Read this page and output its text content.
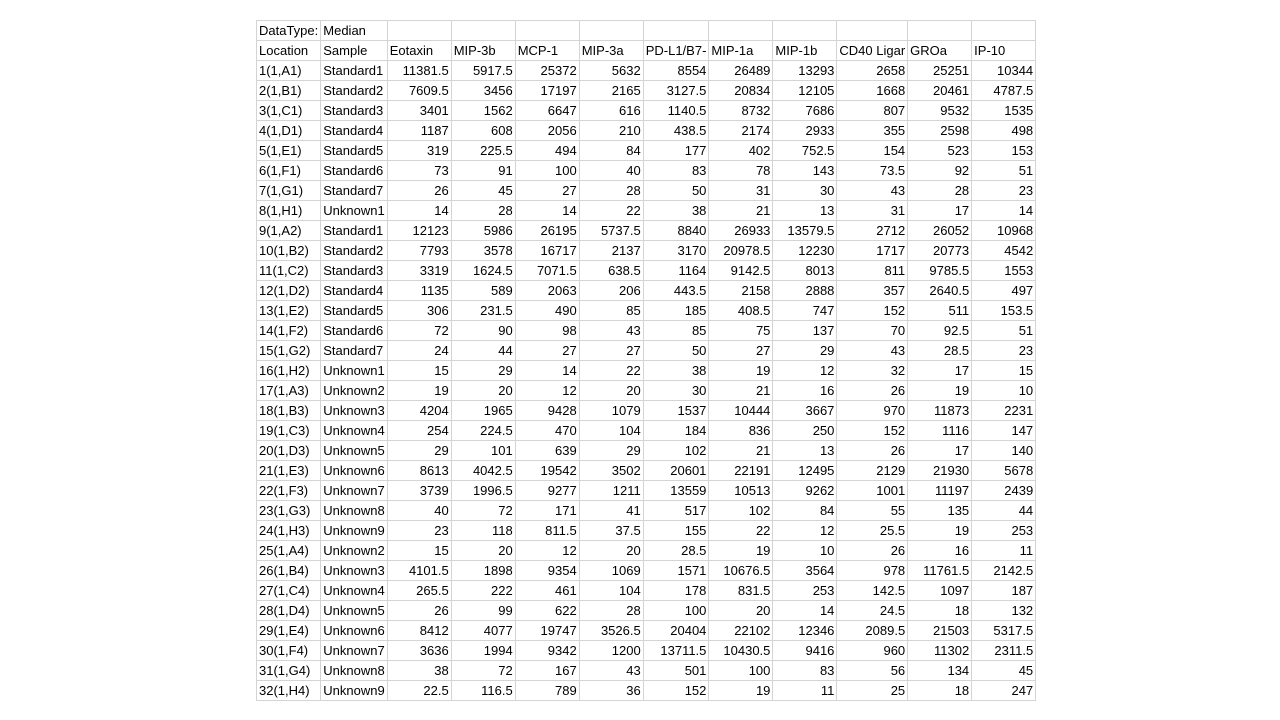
DataType:	Median										
Location	Sample	Eotaxin	MIP-3b	MCP-1	MIP-3a	PD-L1/B7-	MIP-1a	MIP-1b	CD40 Ligar	GROa	IP-10
1(1,A1)	Standard1	11381.5	5917.5	25372	5632	8554	26489	13293	2658	25251	10344
2(1,B1)	Standard2	7609.5	3456	17197	2165	3127.5	20834	12105	1668	20461	4787.5
3(1,C1)	Standard3	3401	1562	6647	616	1140.5	8732	7686	807	9532	1535
4(1,D1)	Standard4	1187	608	2056	210	438.5	2174	2933	355	2598	498
5(1,E1)	Standard5	319	225.5	494	84	177	402	752.5	154	523	153
6(1,F1)	Standard6	73	91	100	40	83	78	143	73.5	92	51
7(1,G1)	Standard7	26	45	27	28	50	31	30	43	28	23
8(1,H1)	Unknown1	14	28	14	22	38	21	13	31	17	14
9(1,A2)	Standard1	12123	5986	26195	5737.5	8840	26933	13579.5	2712	26052	10968
10(1,B2)	Standard2	7793	3578	16717	2137	3170	20978.5	12230	1717	20773	4542
11(1,C2)	Standard3	3319	1624.5	7071.5	638.5	1164	9142.5	8013	811	9785.5	1553
12(1,D2)	Standard4	1135	589	2063	206	443.5	2158	2888	357	2640.5	497
13(1,E2)	Standard5	306	231.5	490	85	185	408.5	747	152	511	153.5
14(1,F2)	Standard6	72	90	98	43	85	75	137	70	92.5	51
15(1,G2)	Standard7	24	44	27	27	50	27	29	43	28.5	23
16(1,H2)	Unknown1	15	29	14	22	38	19	12	32	17	15
17(1,A3)	Unknown2	19	20	12	20	30	21	16	26	19	10
18(1,B3)	Unknown3	4204	1965	9428	1079	1537	10444	3667	970	11873	2231
19(1,C3)	Unknown4	254	224.5	470	104	184	836	250	152	1116	147
20(1,D3)	Unknown5	29	101	639	29	102	21	13	26	17	140
21(1,E3)	Unknown6	8613	4042.5	19542	3502	20601	22191	12495	2129	21930	5678
22(1,F3)	Unknown7	3739	1996.5	9277	1211	13559	10513	9262	1001	11197	2439
23(1,G3)	Unknown8	40	72	171	41	517	102	84	55	135	44
24(1,H3)	Unknown9	23	118	811.5	37.5	155	22	12	25.5	19	253
25(1,A4)	Unknown2	15	20	12	20	28.5	19	10	26	16	11
26(1,B4)	Unknown3	4101.5	1898	9354	1069	1571	10676.5	3564	978	11761.5	2142.5
27(1,C4)	Unknown4	265.5	222	461	104	178	831.5	253	142.5	1097	187
28(1,D4)	Unknown5	26	99	622	28	100	20	14	24.5	18	132
29(1,E4)	Unknown6	8412	4077	19747	3526.5	20404	22102	12346	2089.5	21503	5317.5
30(1,F4)	Unknown7	3636	1994	9342	1200	13711.5	10430.5	9416	960	11302	2311.5
31(1,G4)	Unknown8	38	72	167	43	501	100	83	56	134	45
32(1,H4)	Unknown9	22.5	116.5	789	36	152	19	11	25	18	247
